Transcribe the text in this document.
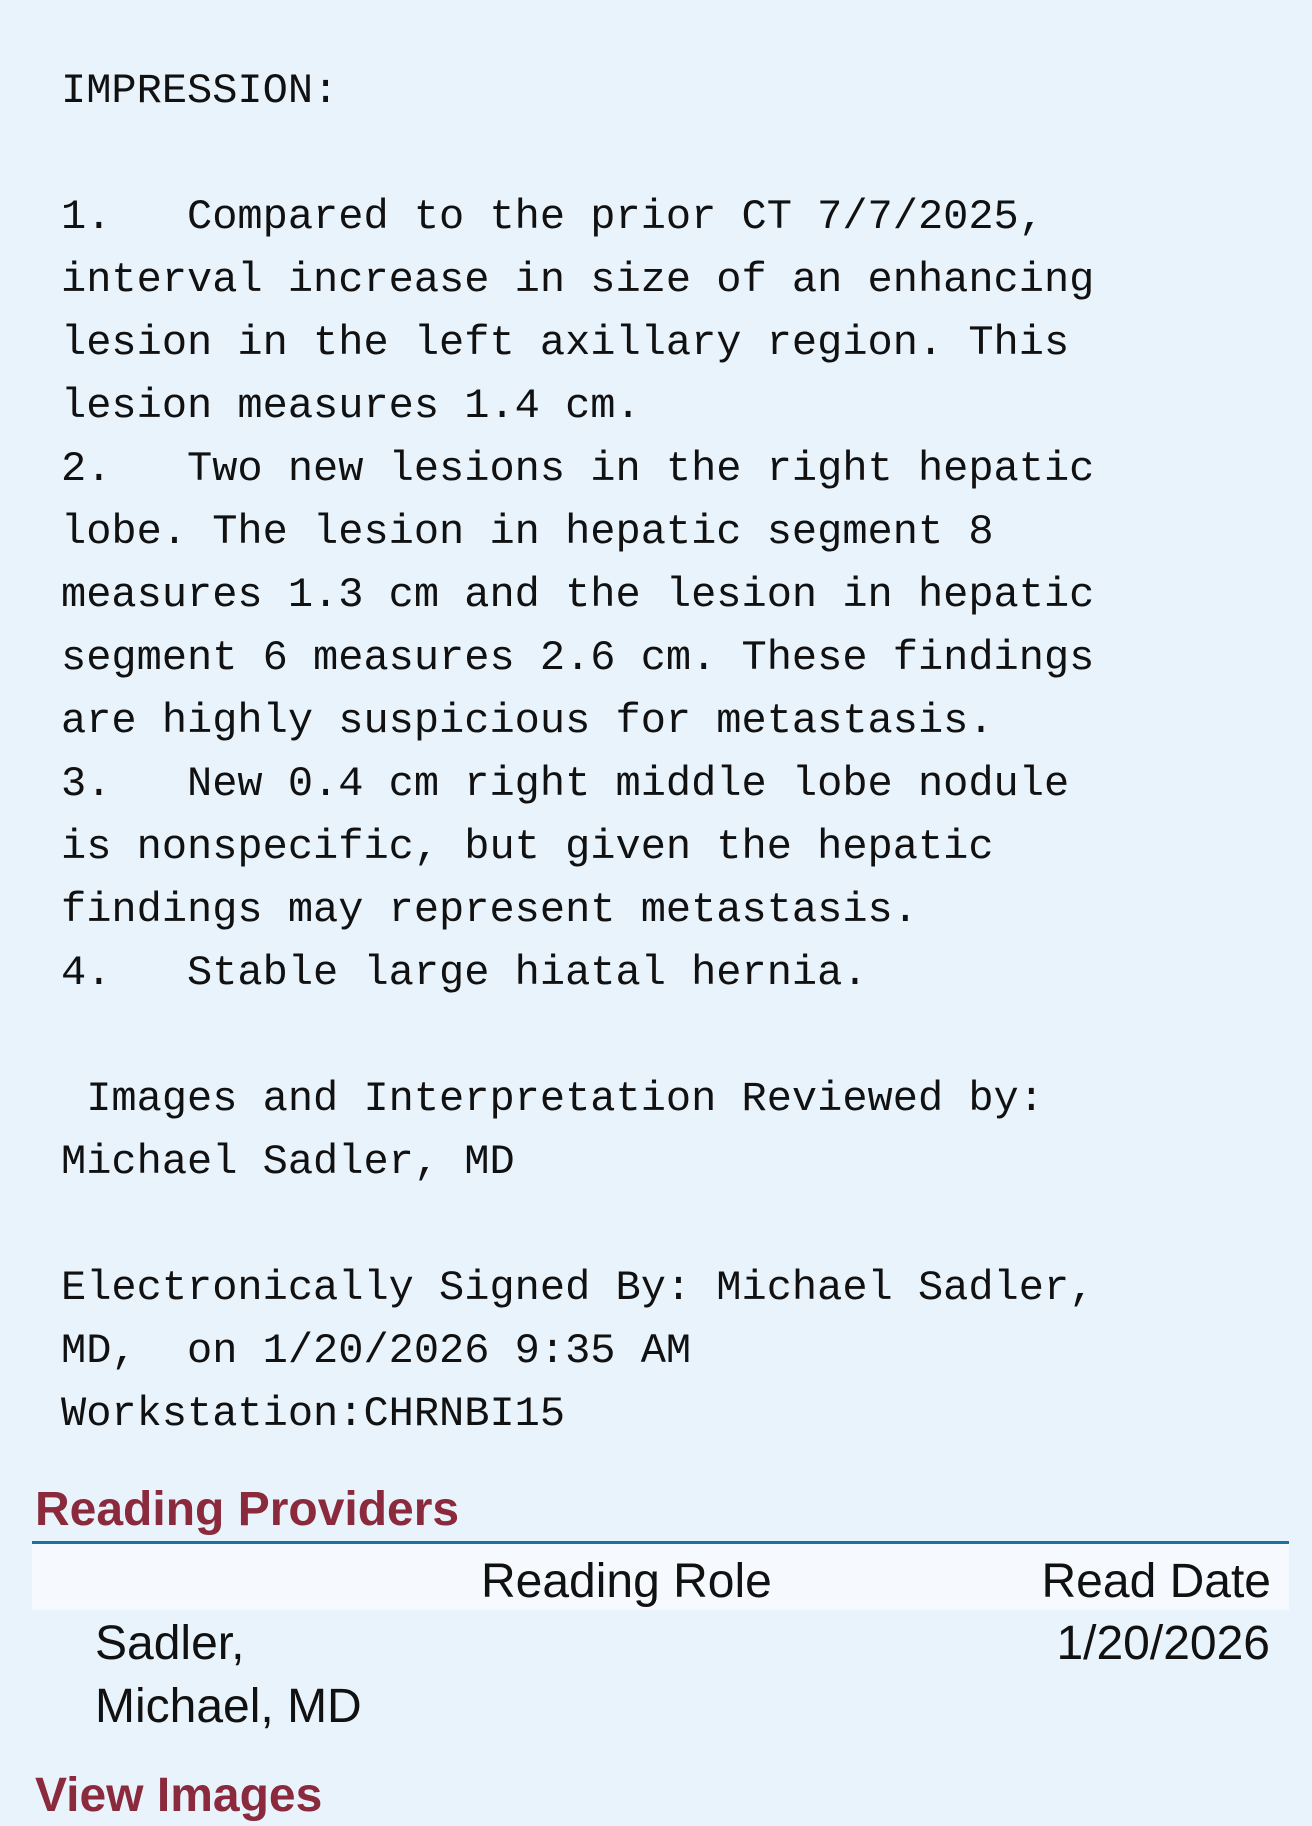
IMPRESSION:

1.   Compared to the prior CT 7/7/2025,
interval increase in size of an enhancing
lesion in the left axillary region. This
lesion measures 1.4 cm.
2.   Two new lesions in the right hepatic
lobe. The lesion in hepatic segment 8
measures 1.3 cm and the lesion in hepatic
segment 6 measures 2.6 cm. These findings
are highly suspicious for metastasis.
3.   New 0.4 cm right middle lobe nodule
is nonspecific, but given the hepatic
findings may represent metastasis.
4.   Stable large hiatal hernia.

Images and Interpretation Reviewed by:
Michael Sadler, MD

Electronically Signed By: Michael Sadler,
MD,  on 1/20/2026 9:35 AM
Workstation:CHRNBI15
Reading Providers
Reading Role	Read Date
Sadler,
Michael, MD
1/20/2026
View Images
